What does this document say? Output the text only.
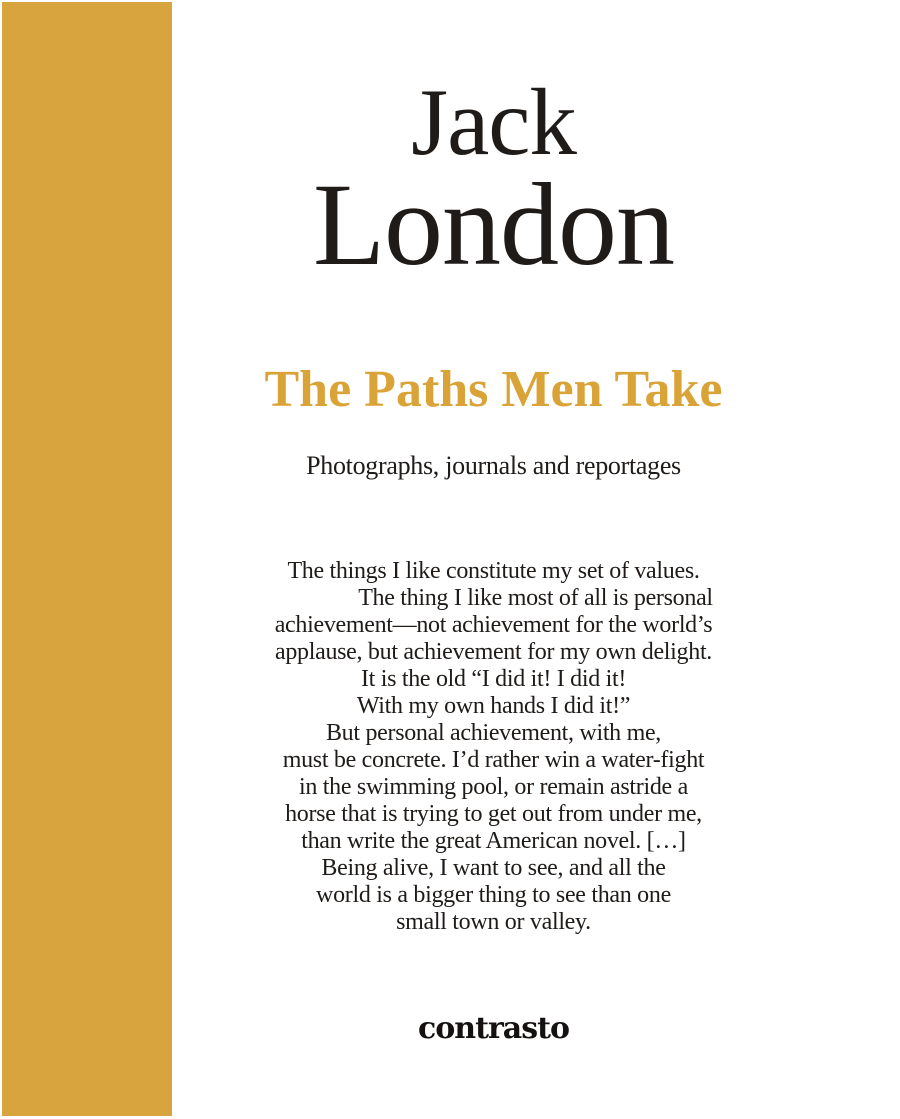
Jack
London
The Paths Men Take
Photographs, journals and reportages
The things I like constitute my set of values.
The thing I like most of all is personal
achievement—not achievement for the world’s
applause, but achievement for my own delight.
It is the old “I did it! I did it!
With my own hands I did it!”
But personal achievement, with me,
must be concrete. I’d rather win a water-fight
in the swimming pool, or remain astride a
horse that is trying to get out from under me,
than write the great American novel. […]
Being alive, I want to see, and all the
world is a bigger thing to see than one
small town or valley.
contrasto
